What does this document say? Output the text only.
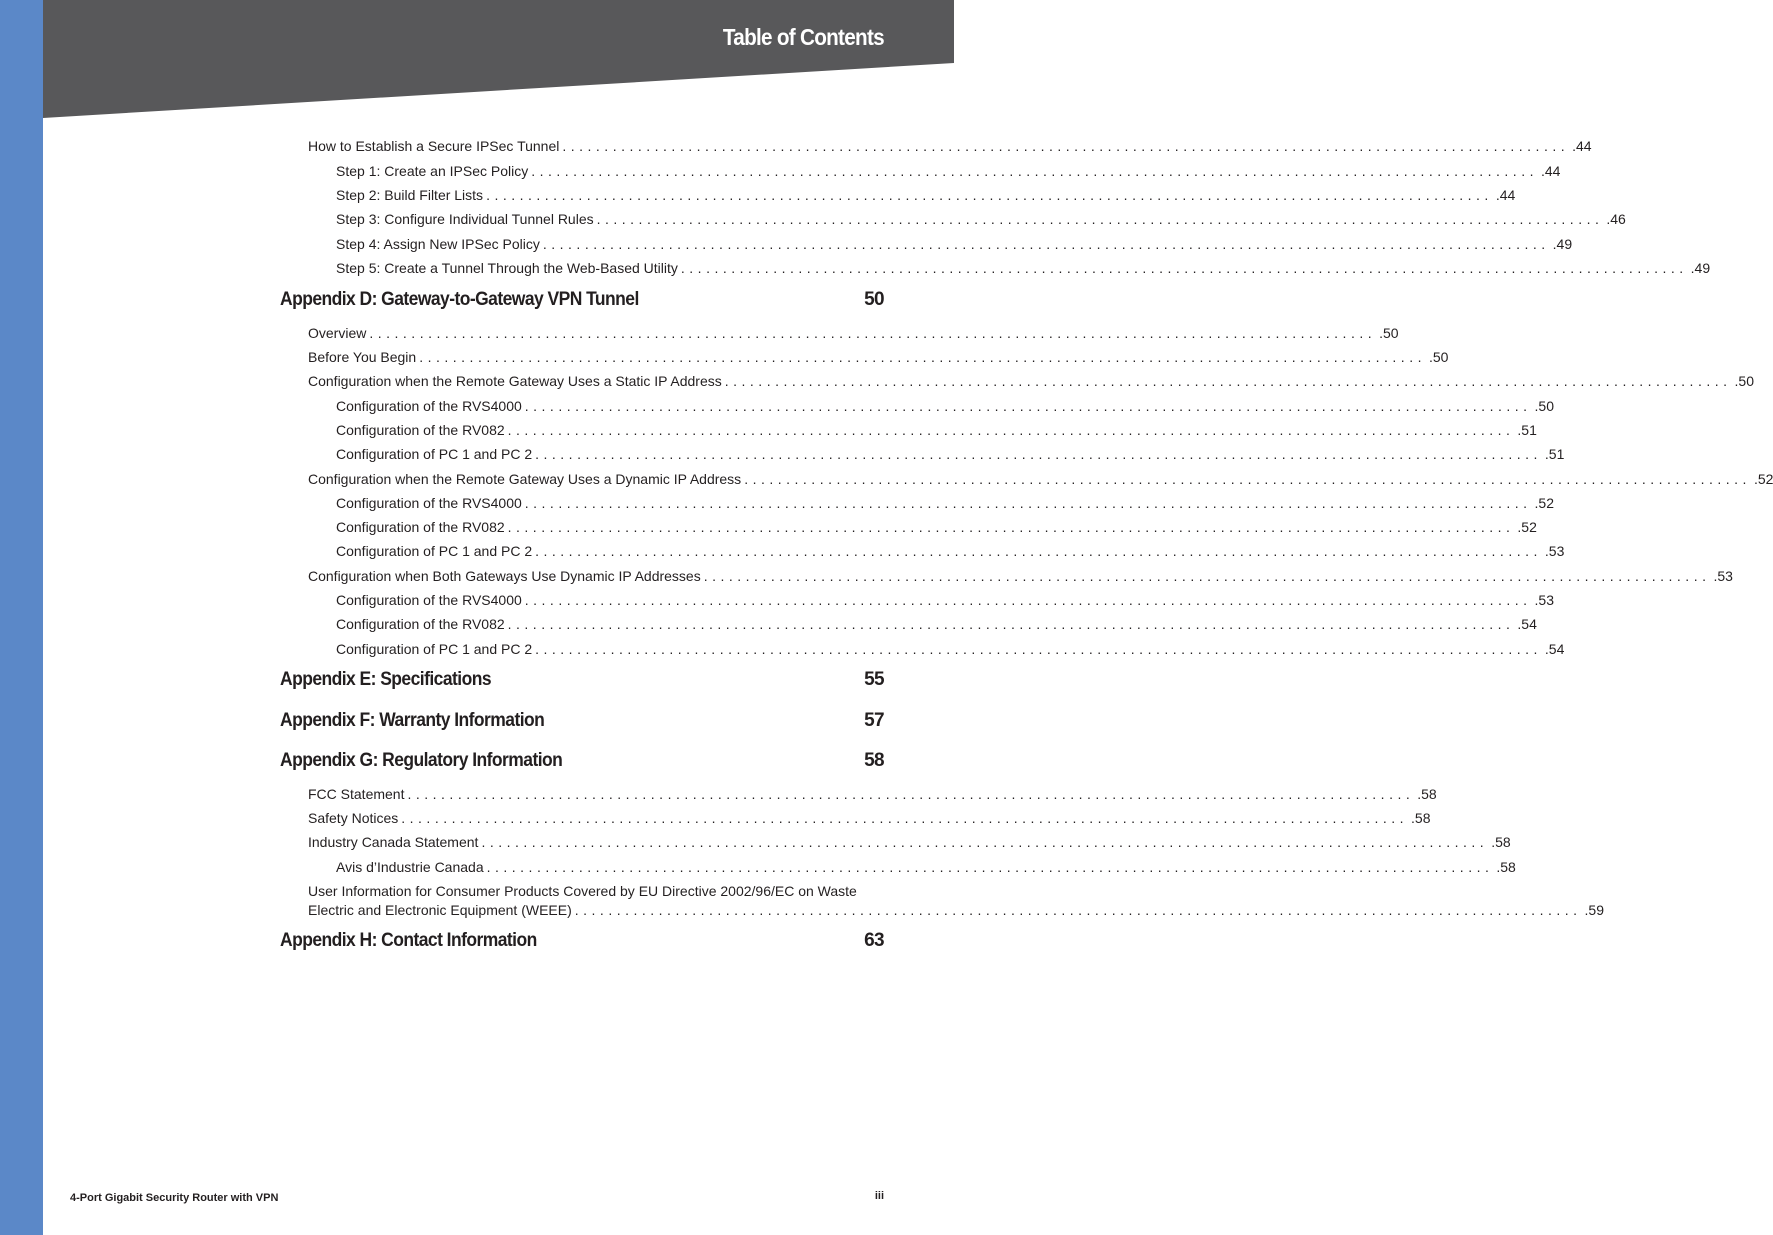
Table of Contents
How to Establish a Secure IPSec Tunnel ........................................................................................................................ .44
Step 1: Create an IPSec Policy ........................................................................................................................ .44
Step 2: Build Filter Lists ........................................................................................................................ .44
Step 3: Configure Individual Tunnel Rules ........................................................................................................................ .46
Step 4: Assign New IPSec Policy ........................................................................................................................ .49
Step 5: Create a Tunnel Through the Web-Based Utility ........................................................................................................................ .49
Appendix D: Gateway-to-Gateway VPN Tunnel	50
Overview ........................................................................................................................ .50
Before You Begin ........................................................................................................................ .50
Configuration when the Remote Gateway Uses a Static IP Address ........................................................................................................................ .50
Configuration of the RVS4000 ........................................................................................................................ .50
Configuration of the RV082 ........................................................................................................................ .51
Configuration of PC 1 and PC 2 ........................................................................................................................ .51
Configuration when the Remote Gateway Uses a Dynamic IP Address ........................................................................................................................ .52
Configuration of the RVS4000 ........................................................................................................................ .52
Configuration of the RV082 ........................................................................................................................ .52
Configuration of PC 1 and PC 2 ........................................................................................................................ .53
Configuration when Both Gateways Use Dynamic IP Addresses ........................................................................................................................ .53
Configuration of the RVS4000 ........................................................................................................................ .53
Configuration of the RV082 ........................................................................................................................ .54
Configuration of PC 1 and PC 2 ........................................................................................................................ .54
Appendix E: Specifications	55
Appendix F: Warranty Information	57
Appendix G: Regulatory Information	58
FCC Statement ........................................................................................................................ .58
Safety Notices ........................................................................................................................ .58
Industry Canada Statement ........................................................................................................................ .58
Avis d’Industrie Canada ........................................................................................................................ .58
User Information for Consumer Products Covered by EU Directive 2002/96/EC on Waste
Electric and Electronic Equipment (WEEE) ........................................................................................................................ .59
Appendix H: Contact Information	63
4-Port Gigabit Security Router with VPN	iii
